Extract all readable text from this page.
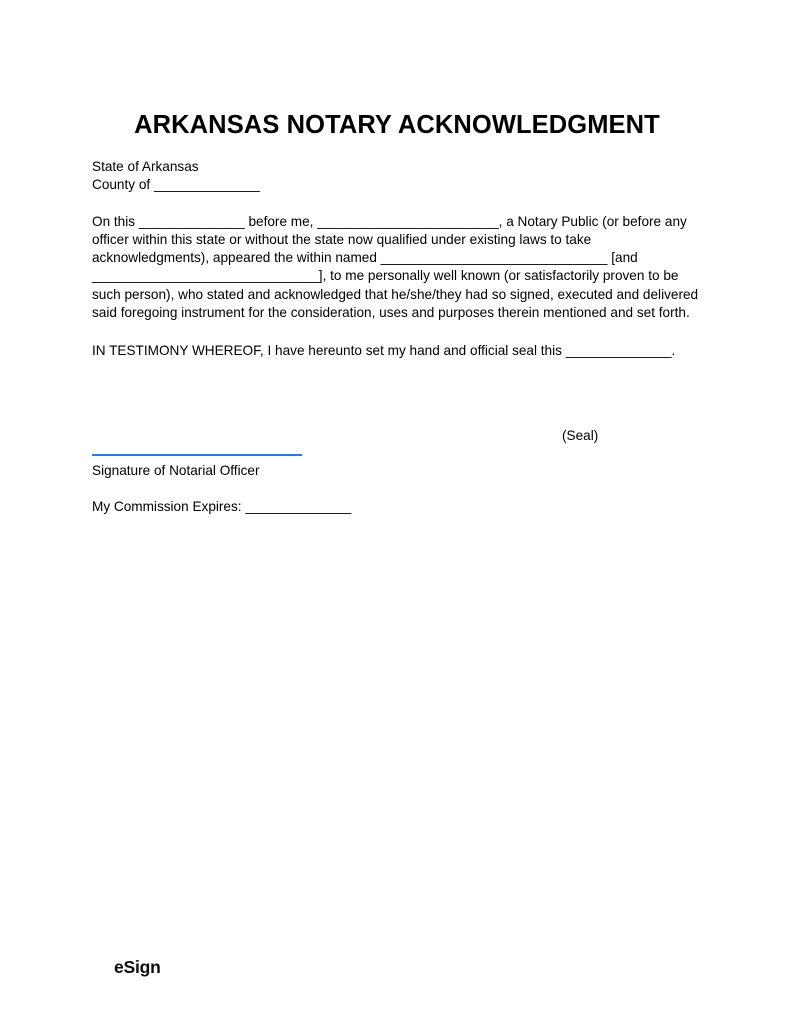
ARKANSAS NOTARY ACKNOWLEDGMENT
State of Arkansas
County of ______________

On this ______________ before me, ________________________, a Notary Public (or before any officer within this state or without the state now qualified under existing laws to take acknowledgments), appeared the within named ______________________________ [and ______________________________], to me personally well known (or satisfactorily proven to be such person), who stated and acknowledged that he/she/they had so signed, executed and delivered said foregoing instrument for the consideration, uses and purposes therein mentioned and set forth.

IN TESTIMONY WHEREOF, I have hereunto set my hand and official seal this ______________.

(Seal)
Signature of Notarial Officer
My Commission Expires: ______________
eSign
